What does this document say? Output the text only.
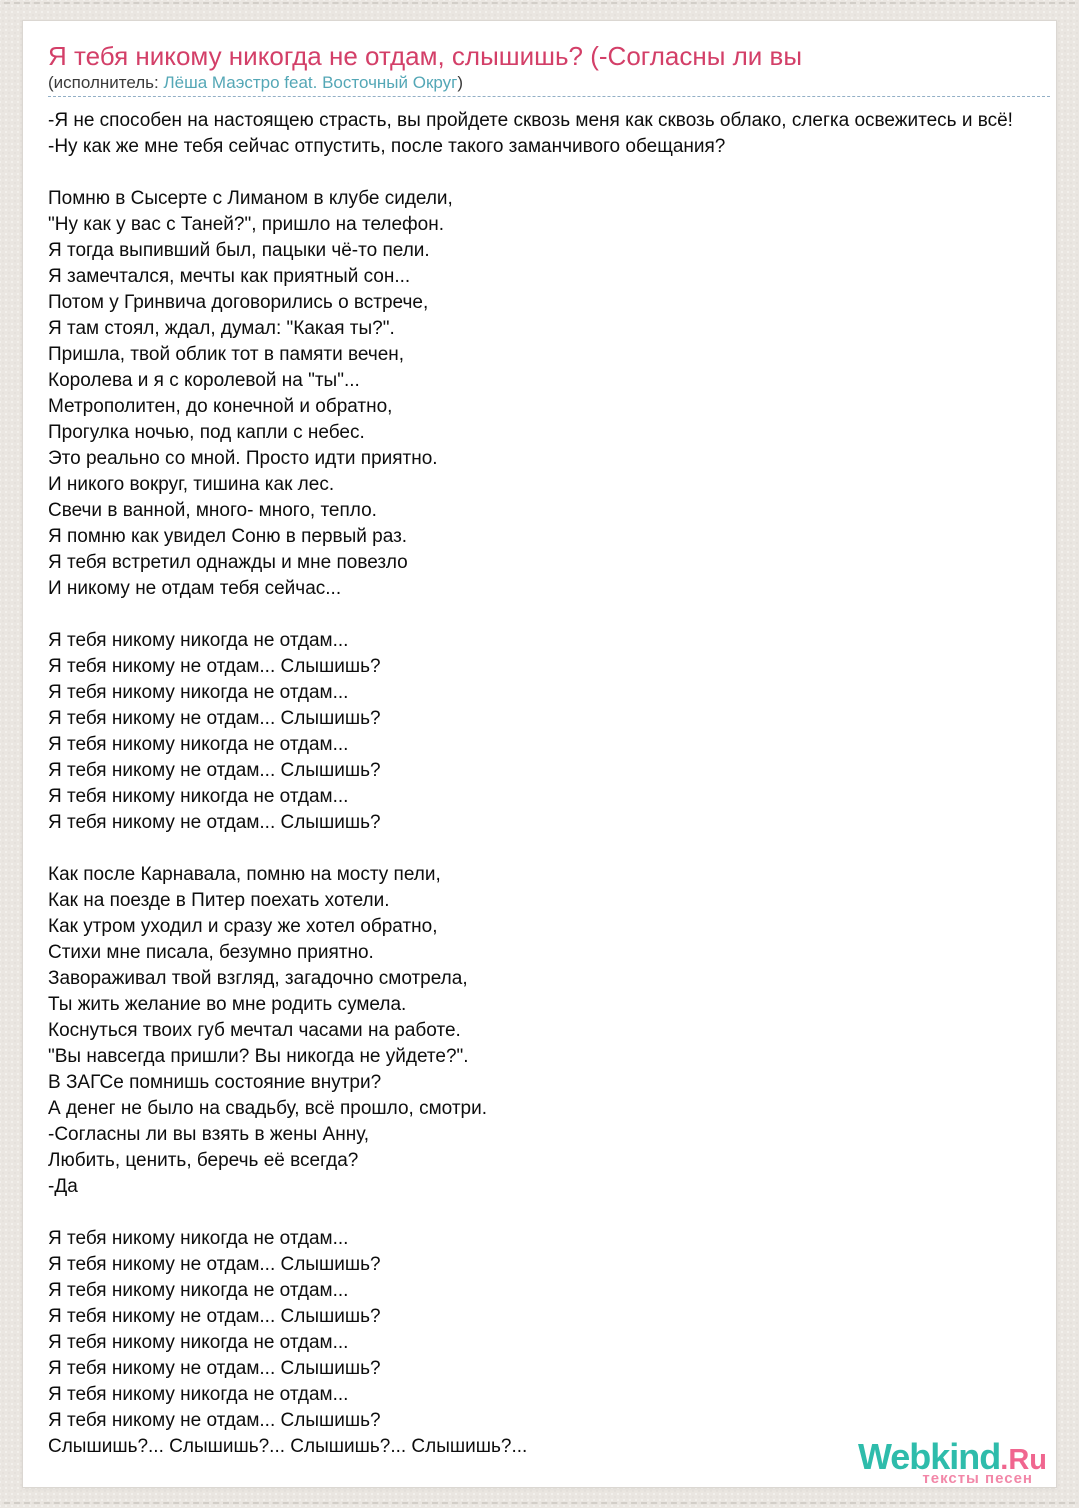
Я тебя никому никогда не отдам, слышишь? (-Согласны ли вы
(исполнитель: Лёша Маэстро feat. Восточный Округ)
-Я не способен на настоящею страсть, вы пройдете сквозь меня как сквозь облако, слегка освежитесь и всё!
-Ну как же мне тебя сейчас отпустить, после такого заманчивого обещания?
Помню в Сысерте с Лиманом в клубе сидели,
"Ну как у вас с Таней?", пришло на телефон.
Я тогда выпивший был, пацыки чё-то пели.
Я замечтался, мечты как приятный сон...
Потом у Гринвича договорились о встрече,
Я там стоял, ждал, думал: "Какая ты?".
Пришла, твой облик тот в памяти вечен,
Королева и я с королевой на "ты"...
Метрополитен, до конечной и обратно,
Прогулка ночью, под капли с небес.
Это реально со мной. Просто идти приятно.
И никого вокруг, тишина как лес.
Свечи в ванной, много- много, тепло.
Я помню как увидел Соню в первый раз.
Я тебя встретил однажды и мне повезло
И никому не отдам тебя сейчас...
Я тебя никому никогда не отдам...
Я тебя никому не отдам... Слышишь?
Я тебя никому никогда не отдам...
Я тебя никому не отдам... Слышишь?
Я тебя никому никогда не отдам...
Я тебя никому не отдам... Слышишь?
Я тебя никому никогда не отдам...
Я тебя никому не отдам... Слышишь?
Как после Карнавала, помню на мосту пели,
Как на поезде в Питер поехать хотели.
Как утром уходил и сразу же хотел обратно,
Стихи мне писала, безумно приятно.
Завораживал твой взгляд, загадочно смотрела,
Ты жить желание во мне родить сумела.
Коснуться твоих губ мечтал часами на работе.
"Вы навсегда пришли? Вы никогда не уйдете?".
В ЗАГСе помнишь состояние внутри?
А денег не было на свадьбу, всё прошло, смотри.
-Согласны ли вы взять в жены Анну,
Любить, ценить, беречь её всегда?
-Да
Я тебя никому никогда не отдам...
Я тебя никому не отдам... Слышишь?
Я тебя никому никогда не отдам...
Я тебя никому не отдам... Слышишь?
Я тебя никому никогда не отдам...
Я тебя никому не отдам... Слышишь?
Я тебя никому никогда не отдам...
Я тебя никому не отдам... Слышишь?
Слышишь?... Слышишь?... Слышишь?... Слышишь?...	Webkind.Ru
тексты песен
